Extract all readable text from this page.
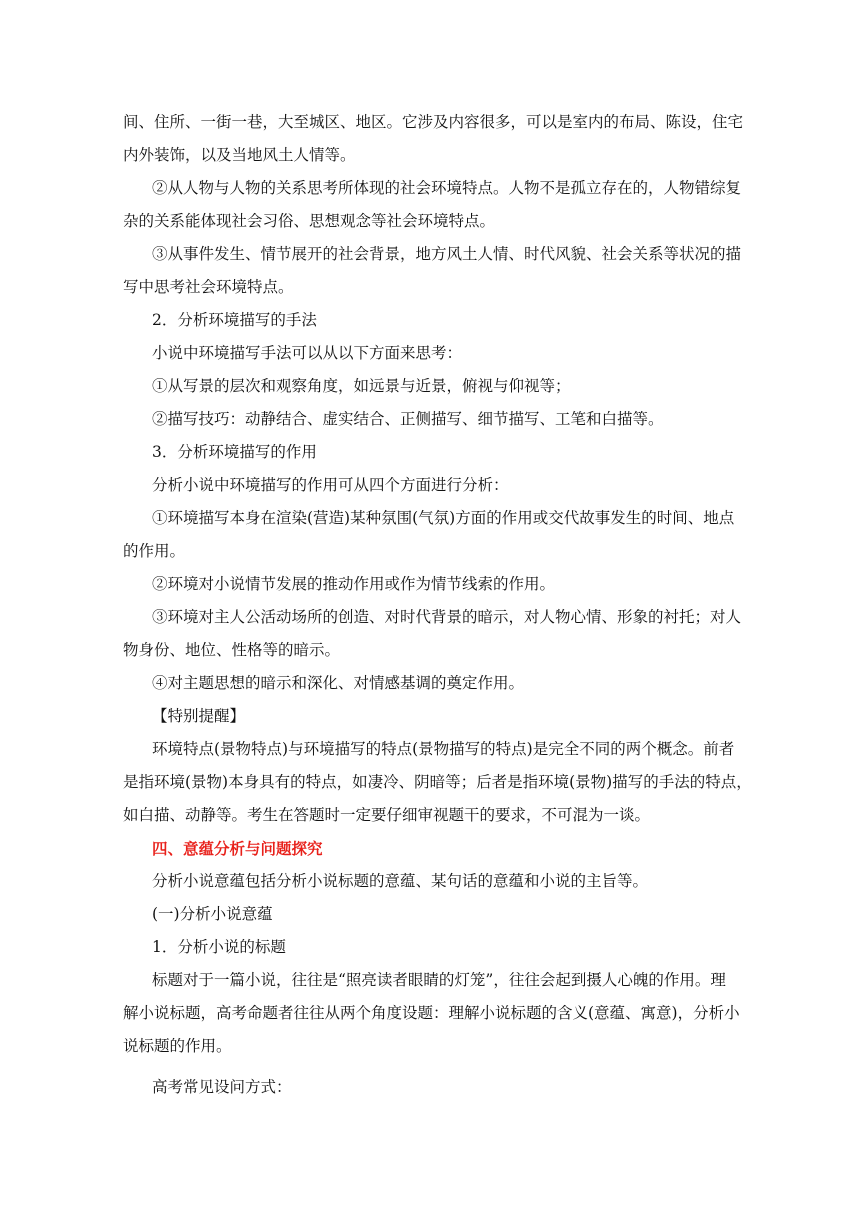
间、住所、一街一巷，大至城区、地区。它涉及内容很多，可以是室内的布局、陈设，住宅
内外装饰，以及当地风土人情等。
②从人物与人物的关系思考所体现的社会环境特点。人物不是孤立存在的，人物错综复
杂的关系能体现社会习俗、思想观念等社会环境特点。
③从事件发生、情节展开的社会背景，地方风土人情、时代风貌、社会关系等状况的描
写中思考社会环境特点。
2．分析环境描写的手法
小说中环境描写手法可以从以下方面来思考：
①从写景的层次和观察角度，如远景与近景，俯视与仰视等；
②描写技巧：动静结合、虚实结合、正侧描写、细节描写、工笔和白描等。
3．分析环境描写的作用
分析小说中环境描写的作用可从四个方面进行分析：
①环境描写本身在渲染(营造)某种氛围(气氛)方面的作用或交代故事发生的时间、地点
的作用。
②环境对小说情节发展的推动作用或作为情节线索的作用。
③环境对主人公活动场所的创造、对时代背景的暗示，对人物心情、形象的衬托；对人
物身份、地位、性格等的暗示。
④对主题思想的暗示和深化、对情感基调的奠定作用。
【特别提醒】
环境特点(景物特点)与环境描写的特点(景物描写的特点)是完全不同的两个概念。前者
是指环境(景物)本身具有的特点，如凄冷、阴暗等；后者是指环境(景物)描写的手法的特点，
如白描、动静等。考生在答题时一定要仔细审视题干的要求，不可混为一谈。
四、意蕴分析与问题探究
分析小说意蕴包括分析小说标题的意蕴、某句话的意蕴和小说的主旨等。
(一)分析小说意蕴
1．分析小说的标题
标题对于一篇小说，往往是“照亮读者眼睛的灯笼”，往往会起到摄人心魄的作用。理
解小说标题，高考命题者往往从两个角度设题：理解小说标题的含义(意蕴、寓意)，分析小
说标题的作用。
高考常见设问方式：
